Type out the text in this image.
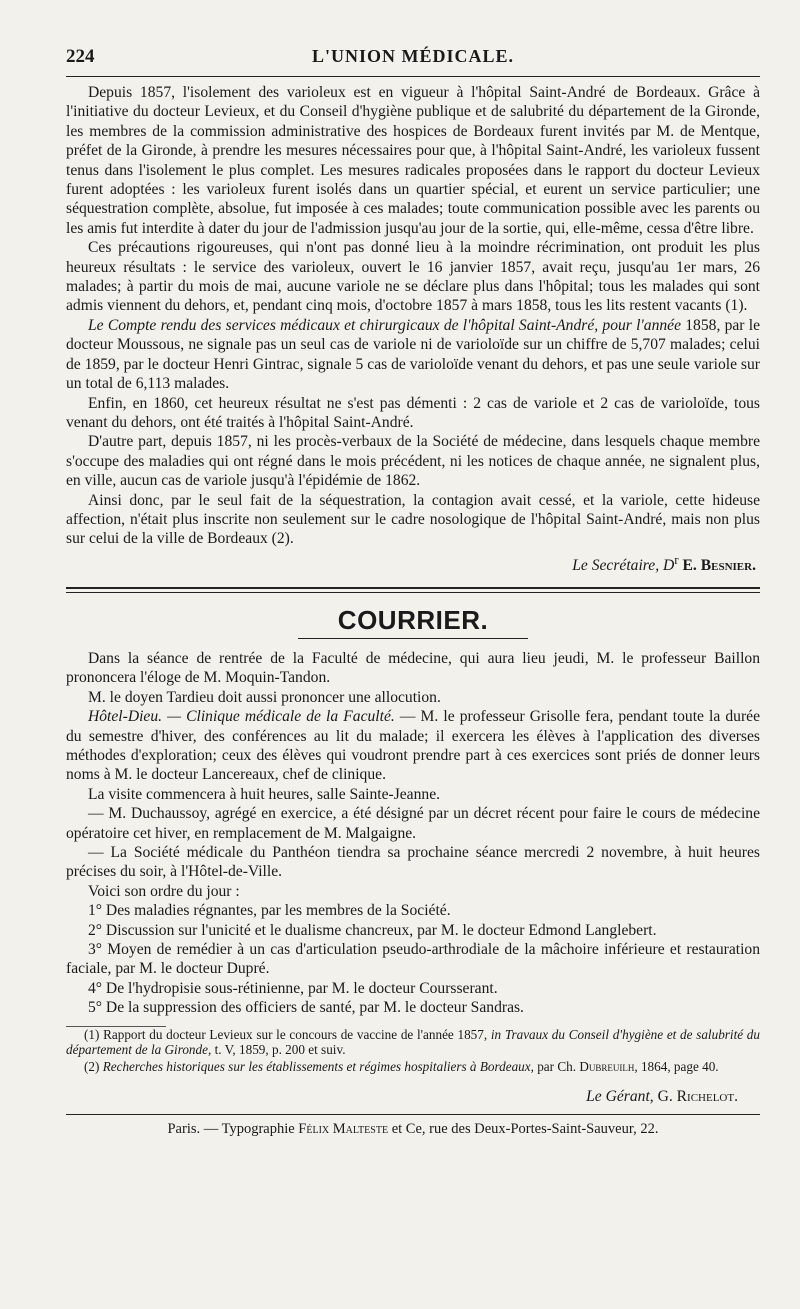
224	L'UNION MÉDICALE.

Depuis 1857, l'isolement des varioleux est en vigueur à l'hôpital Saint-André de Bordeaux. Grâce à l'initiative du docteur Levieux, et du Conseil d'hygiène publique et de salubrité du département de la Gironde, les membres de la commission administrative des hospices de Bordeaux furent invités par M. de Mentque, préfet de la Gironde, à prendre les mesures nécessaires pour que, à l'hôpital Saint-André, les varioleux fussent tenus dans l'isolement le plus complet. Les mesures radicales proposées dans le rapport du docteur Levieux furent adoptées : les varioleux furent isolés dans un quartier spécial, et eurent un service particulier; une séquestration complète, absolue, fut imposée à ces malades; toute communication possible avec les parents ou les amis fut interdite à dater du jour de l'admission jusqu'au jour de la sortie, qui, elle-même, cessa d'être libre.

Ces précautions rigoureuses, qui n'ont pas donné lieu à la moindre récrimination, ont produit les plus heureux résultats : le service des varioleux, ouvert le 16 janvier 1857, avait reçu, jusqu'au 1er mars, 26 malades; à partir du mois de mai, aucune variole ne se déclare plus dans l'hôpital; tous les malades qui sont admis viennent du dehors, et, pendant cinq mois, d'octobre 1857 à mars 1858, tous les lits restent vacants (1).

Le Compte rendu des services médicaux et chirurgicaux de l'hôpital Saint-André, pour l'année 1858, par le docteur Moussous, ne signale pas un seul cas de variole ni de varioloïde sur un chiffre de 5,707 malades; celui de 1859, par le docteur Henri Gintrac, signale 5 cas de varioloïde venant du dehors, et pas une seule variole sur un total de 6,113 malades.

Enfin, en 1860, cet heureux résultat ne s'est pas démenti : 2 cas de variole et 2 cas de varioloïde, tous venant du dehors, ont été traités à l'hôpital Saint-André.

D'autre part, depuis 1857, ni les procès-verbaux de la Société de médecine, dans lesquels chaque membre s'occupe des maladies qui ont régné dans le mois précédent, ni les notices de chaque année, ne signalent plus, en ville, aucun cas de variole jusqu'à l'épidémie de 1862.

Ainsi donc, par le seul fait de la séquestration, la contagion avait cessé, et la variole, cette hideuse affection, n'était plus inscrite non seulement sur le cadre nosologique de l'hôpital Saint-André, mais non plus sur celui de la ville de Bordeaux (2).

Le Secrétaire, $D^r$ E. Besnier.
COURRIER.

Dans la séance de rentrée de la Faculté de médecine, qui aura lieu jeudi, M. le professeur Baillon prononcera l'éloge de M. Moquin-Tandon.

M. le doyen Tardieu doit aussi prononcer une allocution.

Hôtel-Dieu. — Clinique médicale de la Faculté. — M. le professeur Grisolle fera, pendant toute la durée du semestre d'hiver, des conférences au lit du malade; il exercera les élèves à l'application des diverses méthodes d'exploration; ceux des élèves qui voudront prendre part à ces exercices sont priés de donner leurs noms à M. le docteur Lancereaux, chef de clinique.

La visite commencera à huit heures, salle Sainte-Jeanne.

— M. Duchaussoy, agrégé en exercice, a été désigné par un décret récent pour faire le cours de médecine opératoire cet hiver, en remplacement de M. Malgaigne.

— La Société médicale du Panthéon tiendra sa prochaine séance mercredi 2 novembre, à huit heures précises du soir, à l'Hôtel-de-Ville.

Voici son ordre du jour :

1° Des maladies régnantes, par les membres de la Société.

2° Discussion sur l'unicité et le dualisme chancreux, par M. le docteur Edmond Langlebert.

3° Moyen de remédier à un cas d'articulation pseudo-arthrodiale de la mâchoire inférieure et restauration faciale, par M. le docteur Dupré.

4° De l'hydropisie sous-rétinienne, par M. le docteur Coursserant.

5° De la suppression des officiers de santé, par M. le docteur Sandras.

(1) Rapport du docteur Levieux sur le concours de vaccine de l'année 1857, in Travaux du Conseil d'hygiène et de salubrité du département de la Gironde, t. V, 1859, p. 200 et suiv.

(2) Recherches historiques sur les établissements et régimes hospitaliers à Bordeaux, par Ch. Dubreuilh, 1864, page 40.

Le Gérant, G. Richelot.
Paris. — Typographie Félix Malteste et Ce, rue des Deux-Portes-Saint-Sauveur, 22.
